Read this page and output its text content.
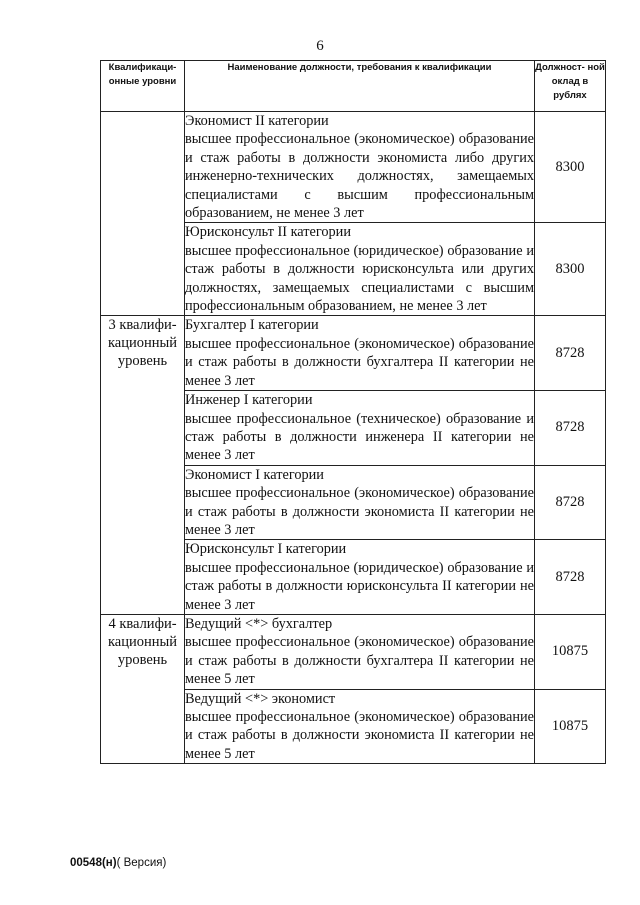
6
Квалификаци- онные уровни	Наименование должности, требования к квалификации	Должност- ной оклад в рублях

	Экономист II категории
высшее профессиональное (экономическое) образование и стаж работы в должности экономиста либо других инженерно-технических должностях, замещаемых специалистами с высшим профессиональным образованием, не менее 3 лет	8300

	Юрисконсульт II категории
высшее профессиональное (юридическое) образование и стаж работы в должности юрисконсульта или других должностях, замещаемых специалистами с высшим профессиональным образованием, не менее 3 лет	8300
3 квалифи- кационный уровень	Бухгалтер I категории
высшее профессиональное (экономическое) образование и стаж работы в должности бухгалтера II категории не менее 3 лет	8728

	Инженер I категории
высшее профессиональное (техническое) образование и стаж работы в должности инженера II категории не менее 3 лет	8728

	Экономист I категории
высшее профессиональное (экономическое) образование и стаж работы в должности экономиста II категории не менее 3 лет	8728

	Юрисконсульт I категории
высшее профессиональное (юридическое) образование и стаж работы в должности юрисконсульта II категории не менее 3 лет	8728
4 квалифи- кационный уровень	Ведущий <*> бухгалтер
высшее профессиональное (экономическое) образование и стаж работы в должности бухгалтера II категории не менее 5 лет	10875

	Ведущий <*> экономист
высшее профессиональное (экономическое) образование и стаж работы в должности экономиста II категории не менее 5 лет	10875
00548(н)( Версия)
